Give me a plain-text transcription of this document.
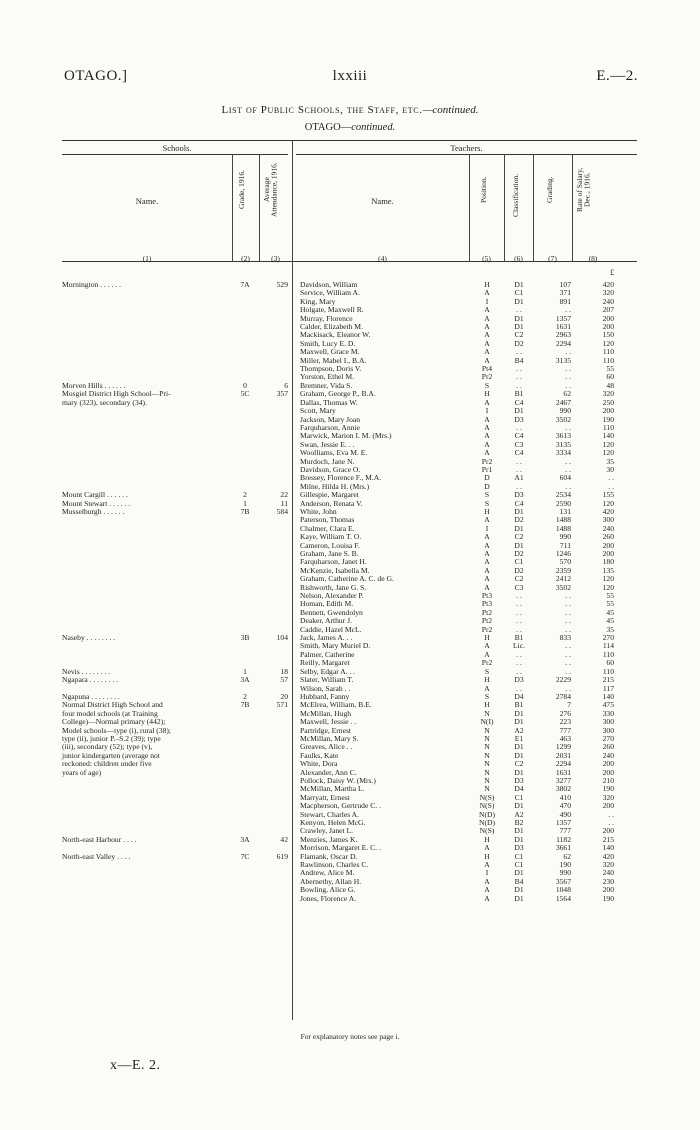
OTAGO.]	lxxiii	E.—2.
List of Public Schools, the Staff, etc.—continued.
OTAGO—continued.
Schools.	Teachers.
Name.	Name.
Grade, 1916.	Average Attendance, 1916.	Position.	Classification.	Grading.	Rate of Salary, Dec., 1916.
(1)	(2)	(3)	(4)	(5)	(6)	(7)	(8)
£
Mornington . . . . . .	7A	529 Davidson, William	H	D1	107	420
Service, William A.	A	C1	371	320
King, Mary	I	D1	891	240
Holgate, Maxwell R.	A	. .	. .	207
Murray, Florence	A	D1	1357	200
Calder, Elizabeth M.	A	D1	1631	200
Mackisack, Eleanor W.	A	C2	2963	150
Smith, Lucy E. D.	A	D2	2294	120
Maxwell, Grace M.	A	. .	. .	110
Miller, Mabel I., B.A.	A	B4	3135	110
Thompson, Doris V.	Pt4	. .	. .	55
Yorston, Ethel M.	Pr2	. .	. .	60
Morven Hills . . . . . .	0	6 Bremner, Vida S.	S	. .	. .	48
Mosgiel District High School—Pri-	5C	357 Graham, George P., B.A.	H	B1	62	320
mary (323), secondary (34).	Dallas, Thomas W.	A	C4	2467	250
Scott, Mary	I	D1	990	200
Jackson, Mary Joan	A	D3	3502	190
Farquharson, Annie	A	. .	. .	110
Marwick, Marion I. M. (Mrs.)	A	C4	3613	140
Swan, Jessie E. . .	A	C3	3135	120
Woolliams, Eva M. E.	A	C4	3334	120
Murdoch, Jane N.	Pr2	. .	. .	35
Davidson, Grace O.	Pr1	. .	. .	30
Bressey, Florence F., M.A.	D	A1	604	. .
Milne, Hilda H. (Mrs.)	D	. .	. .	. .
Mount Cargill . . . . . .	2	22 Gillespie, Margaret	S	D3	2534	155
Mount Stewart . . . . . .	1	11 Anderson, Renata V.	S	C4	2590	120
Musselburgh . . . . . .	7B	584 White, John	H	D1	131	420
Paterson, Thomas	A	D2	1488	300
Chalmer, Clara E.	I	D1	1488	240
Kaye, William T. O.	A	C2	990	260
Cameron, Louisa F.	A	D1	711	200
Graham, Jane S. B.	A	D2	1246	200
Farquharson, Janet H.	A	C1	570	180
McKenzie, Isabella M.	A	D2	2359	135
Graham, Catherine A. C. de G.	A	C2	2412	120
Rishworth, Jane G. S.	A	C3	3502	120
Nelson, Alexander P.	Pt3	. .	. .	55
Homan, Edith M.	Pt3	. .	. .	55
Bennett, Gwendolyn	Pt2	. .	. .	45
Deaker, Arthur J.	Pt2	. .	. .	45
Caddie, Hazel McL.	Pr2	. .	. .	35
Naseby . . . . . . . .	3B	104 Jack, James A. . .	H	B1	833	270
Smith, Mary Muriel D.	A	Lic.	. .	114
Palmer, Catherine	A	. .	. .	110
Reilly, Margaret	Pr2	. .	. .	60
Nevis . . . . . . . .	1	18 Selby, Edgar A. . .	S	. .	. .	110
Ngapara . . . . . . . .	3A	57 Slater, William T.	H	D3	2229	215
Wilson, Sarah . .	A	. .	. .	117
Ngapuna . . . . . . . .	2	20 Hubbard, Fanny	S	D4	2784	140
Normal District High School and	7B	571 McElrea, William, B.E.	H	B1	7	475
four model schools (at Training	McMillan, Hugh	N	D1	276	330
College)—Normal primary (442);	Maxwell, Jessie . .	N(I)	D1	223	300
Model schools—type (i), rural (38);	Partridge, Ernest	N	A2	777	300
type (ii), junior P.–S.2 (39); type	McMillan, Mary S.	N	E1	463	270
(iii), secondary (52); type (v),	Greaves, Alice . .	N	D1	1299	260
junior kindergarten (average not	Faulks, Kate	N	D1	2031	240
reckoned: children under five	White, Dora	N	C2	2294	200
years of age)	Alexander, Ann C.	N	D1	1631	200
Pollock, Daisy W. (Mrs.)	N	D3	3277	210
McMillan, Martha L.	N	D4	3802	190
Marryatt, Ernest	N(S)	C1	410	320
Macpherson, Gertrude C. .	N(S)	D1	470	200
Stewart, Charles A.	N(D)	A2	490	. .
Kenyon, Helen McG.	N(D)	B2	1357	. .
Crawley, Janet L.	N(S)	D1	777	200
North-east Harbour . . . .	3A	42 Menzies, James K.	H	D1	1182	215
Morrison, Margaret E. C. .	A	D3	3661	140
North-east Valley . . . .	7C	619 Flamank, Oscar D.	H	C1	62	420
Rawlinson, Charles C.	A	C1	190	320
Andrew, Alice M.	I	D1	990	240
Abernethy, Allan H.	A	B4	3567	230
Bowling, Alice G.	A	D1	1048	200
Jones, Florence A.	A	D1	1564	190
For explanatory notes see page i.
x—E. 2.
